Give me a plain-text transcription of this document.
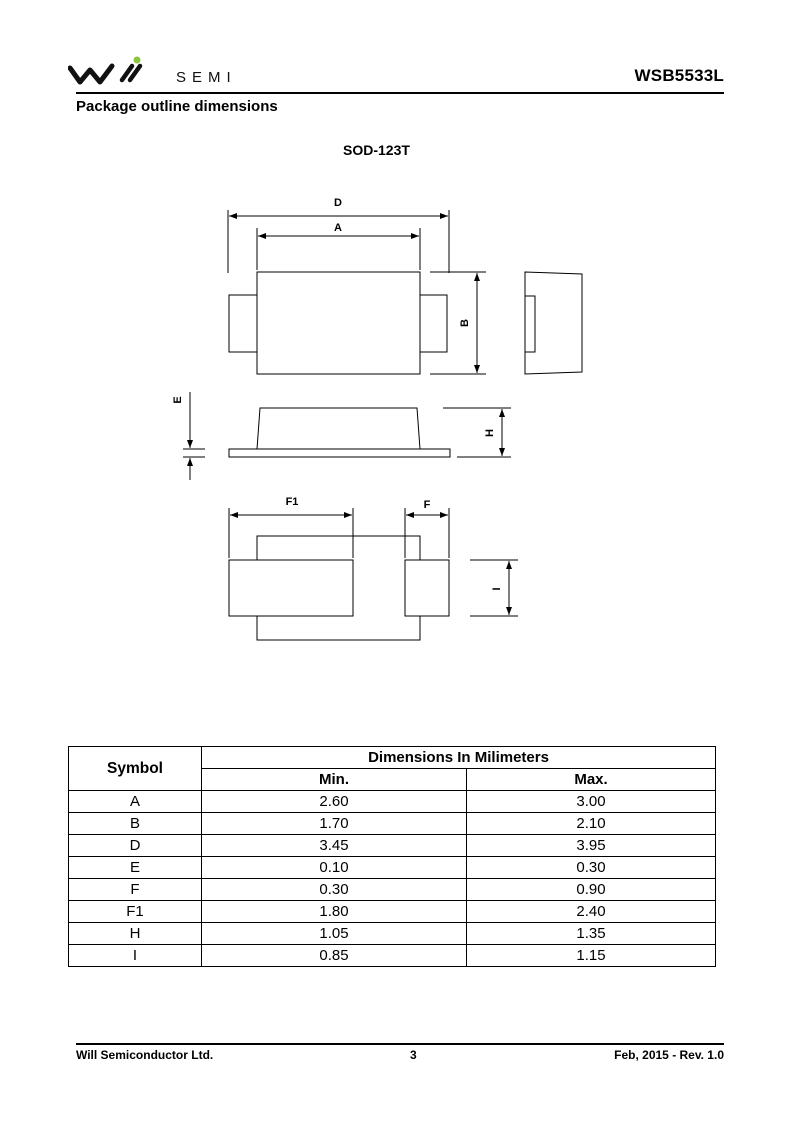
SEMI	WSB5533L
Package outline dimensions
SOD-123T
D
A
B
H
E
F1	F
I
Symbol	Dimensions In Milimeters	
	Min.	Max.
A	2.60	3.00
B	1.70	2.10
D	3.45	3.95
E	0.10	0.30
F	0.30	0.90
F1	1.80	2.40
H	1.05	1.35
I	0.85	1.15
Will Semiconductor Ltd.	3	Feb, 2015 - Rev. 1.0
